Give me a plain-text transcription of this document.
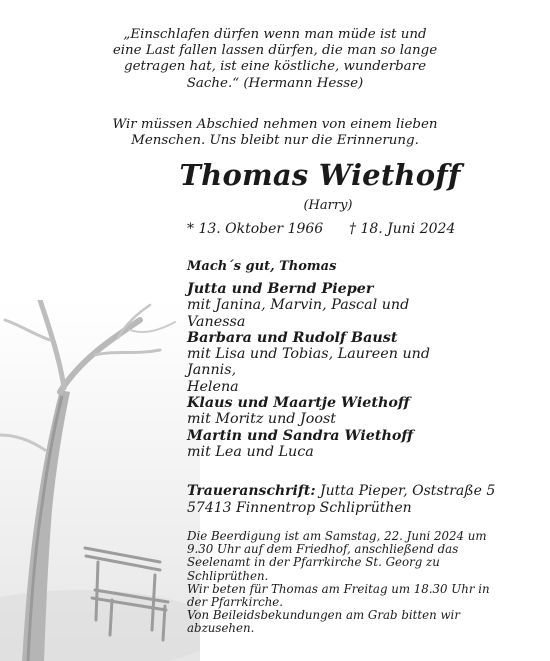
„Einschlafen dürfen wenn man müde ist und
eine Last fallen lassen dürfen, die man so lange
getragen hat, ist eine köstliche, wunderbare
Sache.“ (Hermann Hesse)
Wir müssen Abschied nehmen von einem lieben
Menschen. Uns bleibt nur die Erinnerung.
Thomas Wiethoff
(Harry)
* 13. Oktober 1966 † 18. Juni 2024
Mach´s gut, Thomas
Jutta und Bernd Pieper
mit Janina, Marvin, Pascal und
Vanessa
Barbara und Rudolf Baust
mit Lisa und Tobias, Laureen und
Jannis,
Helena
Klaus und Maartje Wiethoff
mit Moritz und Joost
Martin und Sandra Wiethoff
mit Lea und Luca
Traueranschrift: Jutta Pieper, Oststraße 5
57413 Finnentrop Schliprüthen
Die Beerdigung ist am Samstag, 22. Juni 2024 um
9.30 Uhr auf dem Friedhof, anschließend das
Seelenamt in der Pfarrkirche St. Georg zu
Schliprüthen.
Wir beten für Thomas am Freitag um 18.30 Uhr in
der Pfarrkirche.
Von Beileidsbekundungen am Grab bitten wir
abzusehen.
